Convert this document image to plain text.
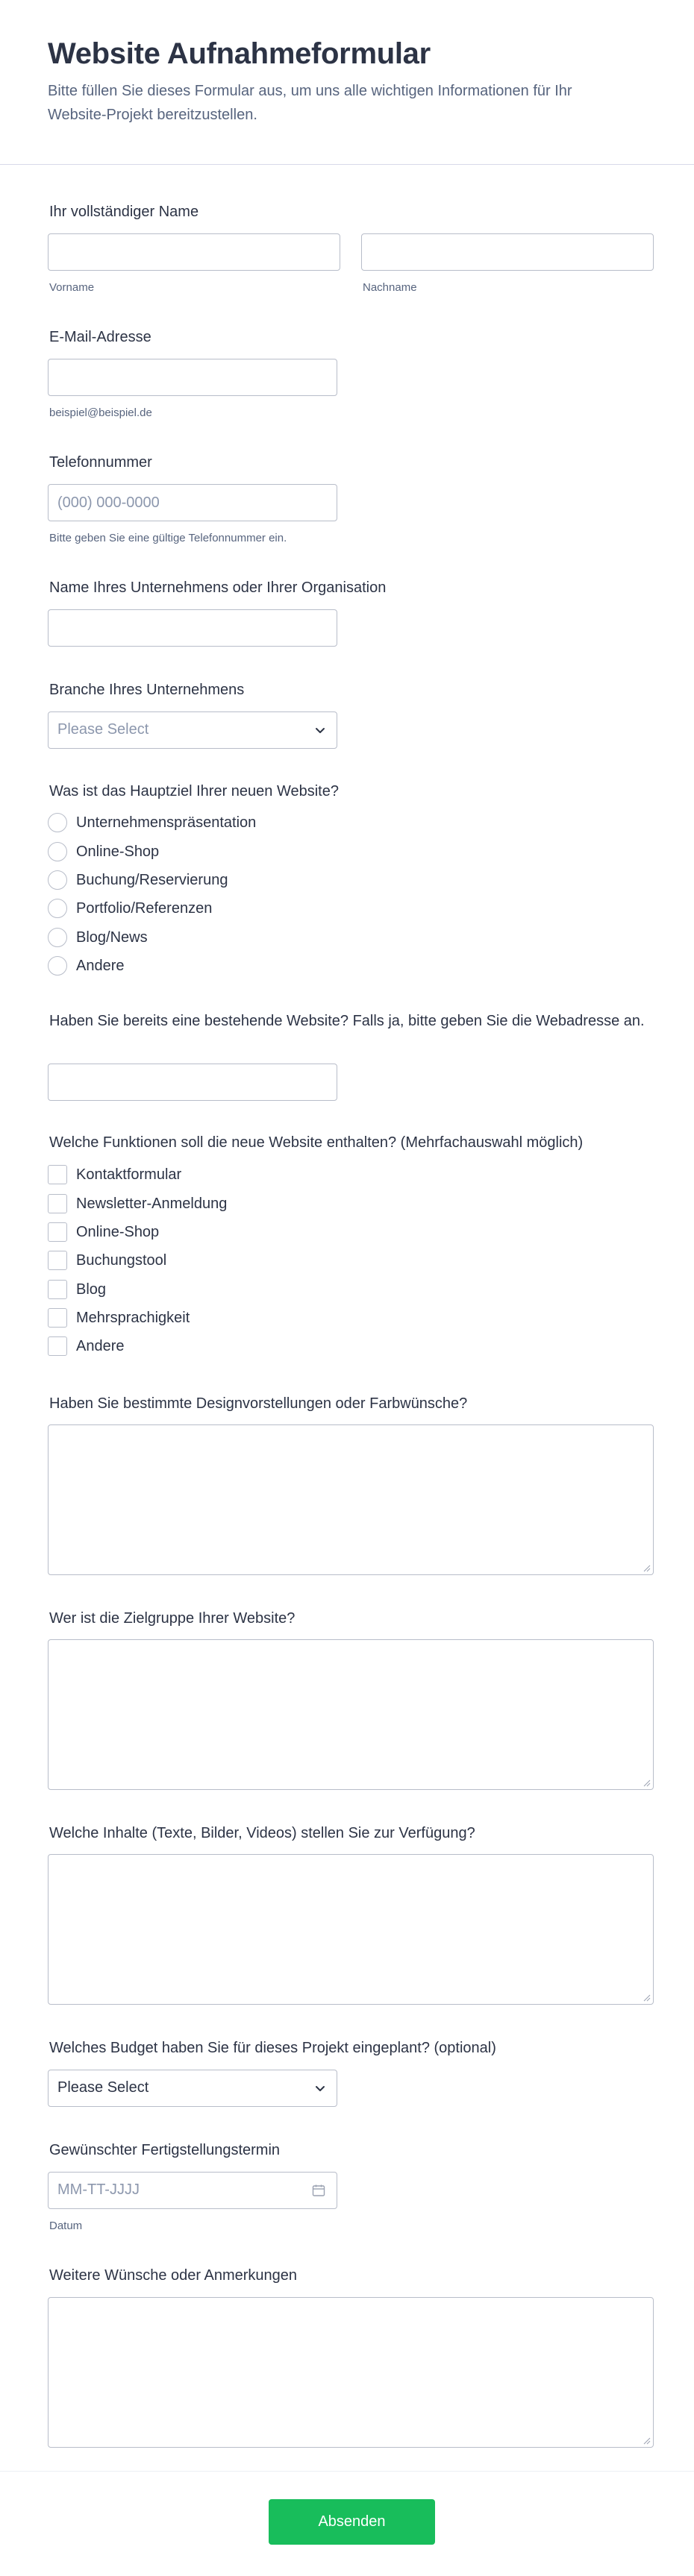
Website Aufnahmeformular

Bitte füllen Sie dieses Formular aus, um uns alle wichtigen Informationen für Ihr Website-Projekt bereitzustellen.

Ihr vollständiger Name
Vorname	Nachname
E-Mail-Adresse
beispiel@beispiel.de
Telefonnummer
(000) 000-0000
Bitte geben Sie eine gültige Telefonnummer ein.
Name Ihres Unternehmens oder Ihrer Organisation
Branche Ihres Unternehmens
Please Select
Was ist das Hauptziel Ihrer neuen Website?
Unternehmenspräsentation
Online-Shop
Buchung/Reservierung
Portfolio/Referenzen
Blog/News
Andere
Haben Sie bereits eine bestehende Website? Falls ja, bitte geben Sie die Webadresse an.
Welche Funktionen soll die neue Website enthalten? (Mehrfachauswahl möglich)
Kontaktformular
Newsletter-Anmeldung
Online-Shop
Buchungstool
Blog
Mehrsprachigkeit
Andere
Haben Sie bestimmte Designvorstellungen oder Farbwünsche?
Wer ist die Zielgruppe Ihrer Website?
Welche Inhalte (Texte, Bilder, Videos) stellen Sie zur Verfügung?
Welches Budget haben Sie für dieses Projekt eingeplant? (optional)
Please Select
Gewünschter Fertigstellungstermin
MM-TT-JJJJ
Datum
Weitere Wünsche oder Anmerkungen
Absenden
